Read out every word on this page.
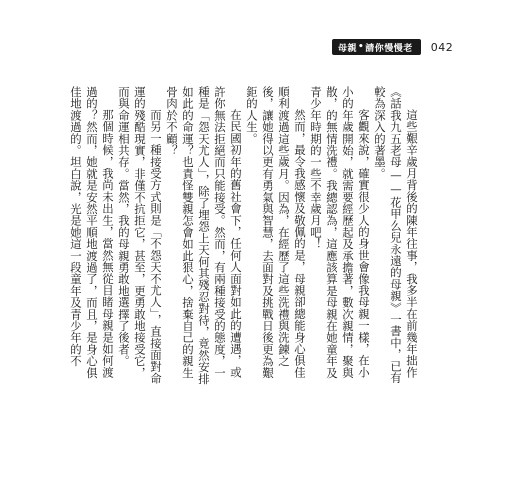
母親 • 請你慢慢老 042

這些艱辛歲月背後的陳年往事，我多半在前幾年拙作《話我九五老母——花甲么兒永遠的母親》一書中，已有較為深入的著墨。

客觀來說，確實很少人的身世會像我母親一樣，在小小的年歲開始，就需要經歷起及承擔著，數次親情，聚與散，的無情洗禮。我總認為，這應該算是母親在她童年及青少年時期的一些不幸歲月吧！

然而，最令我感懷及敬佩的是，母親卻總能身心俱佳順利渡過這些歲月。因為，在經歷了這些洗禮與洗鍊之後，讓她得以更有勇氣與智慧，去面對及挑戰日後更為艱鉅的人生。

在民國初年的舊社會下，任何人面對如此的遭遇，或許你無法拒絕而只能接受。然而，有兩種接受的態度，一種是「怨天尤人」，除了埋怨上天何其殘忍對待，竟然安排如此的命運？也責怪雙親怎會如此狠心，捨棄自己的親生骨肉於不顧？

而另一種接受方式則是「不怨天不尤人」，直接面對命運的殘酷現實，非僅不抗拒它，甚至，更勇敢地接受它，而與命運相共存。當然，我的母親勇敢地選擇了後者。

那個時候，我尚未出生，當然無從目睹母親是如何渡過的？然而，她就是安然平順地渡過了，而且，是身心俱佳地渡過的。坦白說，光是她這一段童年及青少年的不
